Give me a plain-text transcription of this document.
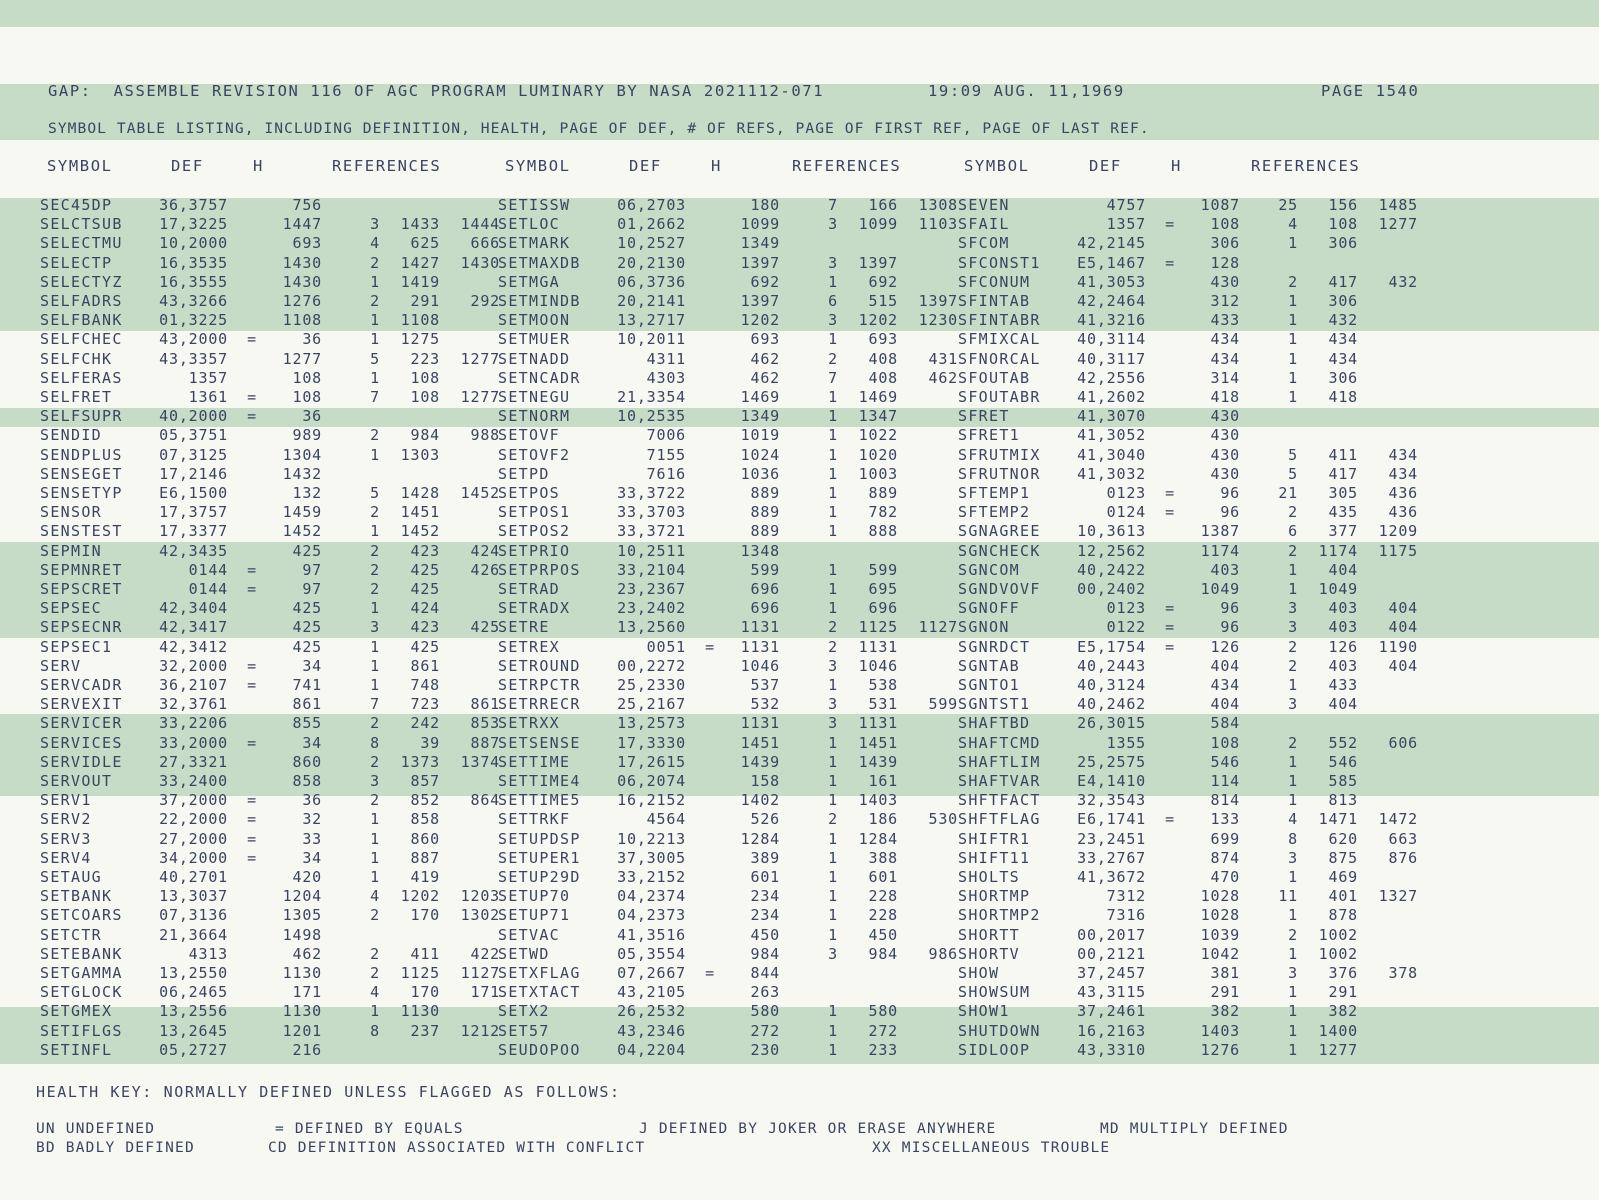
GAP:  ASSEMBLE REVISION 116 OF AGC PROGRAM LUMINARY BY NASA 2021112-071	19:09 AUG. 11,1969	PAGE 1540
SYMBOL TABLE LISTING, INCLUDING DEFINITION, HEALTH, PAGE OF DEF, # OF REFS, PAGE OF FIRST REF, PAGE OF LAST REF.
SYMBOL	DEF	H	REFERENCES	SYMBOL	DEF	H	REFERENCES	SYMBOL	DEF	H	REFERENCES
SEC45DP	36,3757	756
SELCTSUB	17,3225	1447	3	1433	1444
SELECTMU	10,2000	693	4	625	666
SELECTP	16,3535	1430	2	1427	1430
SELECTYZ	16,3555	1430	1	1419
SELFADRS	43,3266	1276	2	291	292
SELFBANK	01,3225	1108	1	1108
SELFCHEC	43,2000	=	36	1	1275
SELFCHK	43,3357	1277	5	223	1277
SELFERAS	1357	108	1	108
SELFRET	1361	=	108	7	108	1277
SELFSUPR	40,2000	=	36
SENDID	05,3751	989	2	984	988
SENDPLUS	07,3125	1304	1	1303
SENSEGET	17,2146	1432
SENSETYP	E6,1500	132	5	1428	1452
SENSOR	17,3757	1459	2	1451
SENSTEST	17,3377	1452	1	1452
SEPMIN	42,3435	425	2	423	424
SEPMNRET	0144	=	97	2	425	426
SEPSCRET	0144	=	97	2	425
SEPSEC	42,3404	425	1	424
SEPSECNR	42,3417	425	3	423	425
SEPSEC1	42,3412	425	1	425
SERV	32,2000	=	34	1	861
SERVCADR	36,2107	=	741	1	748
SERVEXIT	32,3761	861	7	723	861
SERVICER	33,2206	855	2	242	853
SERVICES	33,2000	=	34	8	39	887
SERVIDLE	27,3321	860	2	1373	1374
SERVOUT	33,2400	858	3	857
SERV1	37,2000	=	36	2	852	864
SERV2	22,2000	=	32	1	858
SERV3	27,2000	=	33	1	860
SERV4	34,2000	=	34	1	887
SETAUG	40,2701	420	1	419
SETBANK	13,3037	1204	4	1202	1203
SETCOARS	07,3136	1305	2	170	1302
SETCTR	21,3664	1498
SETEBANK	4313	462	2	411	422
SETGAMMA	13,2550	1130	2	1125	1127
SETGLOCK	06,2465	171	4	170	171
SETGMEX	13,2556	1130	1	1130
SETIFLGS	13,2645	1201	8	237	1212
SETINFL	05,2727	216
SETISSW	06,2703	180	7	166	1308
SETLOC	01,2662	1099	3	1099	1103
SETMARK	10,2527	1349
SETMAXDB	20,2130	1397	3	1397
SETMGA	06,3736	692	1	692
SETMINDB	20,2141	1397	6	515	1397
SETMOON	13,2717	1202	3	1202	1230
SETMUER	10,2011	693	1	693
SETNADD	4311	462	2	408	431
SETNCADR	4303	462	7	408	462
SETNEGU	21,3354	1469	1	1469
SETNORM	10,2535	1349	1	1347
SETOVF	7006	1019	1	1022
SETOVF2	7155	1024	1	1020
SETPD	7616	1036	1	1003
SETPOS	33,3722	889	1	889
SETPOS1	33,3703	889	1	782
SETPOS2	33,3721	889	1	888
SETPRIO	10,2511	1348
SETPRPOS	33,2104	599	1	599
SETRAD	23,2367	696	1	695
SETRADX	23,2402	696	1	696
SETRE	13,2560	1131	2	1125	1127
SETREX	0051	=	1131	2	1131
SETROUND	00,2272	1046	3	1046
SETRPCTR	25,2330	537	1	538
SETRRECR	25,2167	532	3	531	599
SETRXX	13,2573	1131	3	1131
SETSENSE	17,3330	1451	1	1451
SETTIME	17,2615	1439	1	1439
SETTIME4	06,2074	158	1	161
SETTIME5	16,2152	1402	1	1403
SETTRKF	4564	526	2	186	530
SETUPDSP	10,2213	1284	1	1284
SETUPER1	37,3005	389	1	388
SETUP29D	33,2152	601	1	601
SETUP70	04,2374	234	1	228
SETUP71	04,2373	234	1	228
SETVAC	41,3516	450	1	450
SETWD	05,3554	984	3	984	986
SETXFLAG	07,2667	=	844
SETXTACT	43,2105	263
SETX2	26,2532	580	1	580
SET57	43,2346	272	1	272
SEUDOPOO	04,2204	230	1	233
SEVEN	4757	1087	25	156	1485
SFAIL	1357	=	108	4	108	1277
SFCOM	42,2145	306	1	306
SFCONST1	E5,1467	=	128
SFCONUM	41,3053	430	2	417	432
SFINTAB	42,2464	312	1	306
SFINTABR	41,3216	433	1	432
SFMIXCAL	40,3114	434	1	434
SFNORCAL	40,3117	434	1	434
SFOUTAB	42,2556	314	1	306
SFOUTABR	41,2602	418	1	418
SFRET	41,3070	430
SFRET1	41,3052	430
SFRUTMIX	41,3040	430	5	411	434
SFRUTNOR	41,3032	430	5	417	434
SFTEMP1	0123	=	96	21	305	436
SFTEMP2	0124	=	96	2	435	436
SGNAGREE	10,3613	1387	6	377	1209
SGNCHECK	12,2562	1174	2	1174	1175
SGNCOM	40,2422	403	1	404
SGNDVOVF	00,2402	1049	1	1049
SGNOFF	0123	=	96	3	403	404
SGNON	0122	=	96	3	403	404
SGNRDCT	E5,1754	=	126	2	126	1190
SGNTAB	40,2443	404	2	403	404
SGNTO1	40,3124	434	1	433
SGNTST1	40,2462	404	3	404
SHAFTBD	26,3015	584
SHAFTCMD	1355	108	2	552	606
SHAFTLIM	25,2575	546	1	546
SHAFTVAR	E4,1410	114	1	585
SHFTFACT	32,3543	814	1	813
SHFTFLAG	E6,1741	=	133	4	1471	1472
SHIFTR1	23,2451	699	8	620	663
SHIFT11	33,2767	874	3	875	876
SHOLTS	41,3672	470	1	469
SHORTMP	7312	1028	11	401	1327
SHORTMP2	7316	1028	1	878
SHORTT	00,2017	1039	2	1002
SHORTV	00,2121	1042	1	1002
SHOW	37,2457	381	3	376	378
SHOWSUM	43,3115	291	1	291
SHOW1	37,2461	382	1	382
SHUTDOWN	16,2163	1403	1	1400
SIDLOOP	43,3310	1276	1	1277
HEALTH KEY: NORMALLY DEFINED UNLESS FLAGGED AS FOLLOWS:
UN UNDEFINED	= DEFINED BY EQUALS	J DEFINED BY JOKER OR ERASE ANYWHERE	MD MULTIPLY DEFINED
BD BADLY DEFINED	CD DEFINITION ASSOCIATED WITH CONFLICT	XX MISCELLANEOUS TROUBLE
